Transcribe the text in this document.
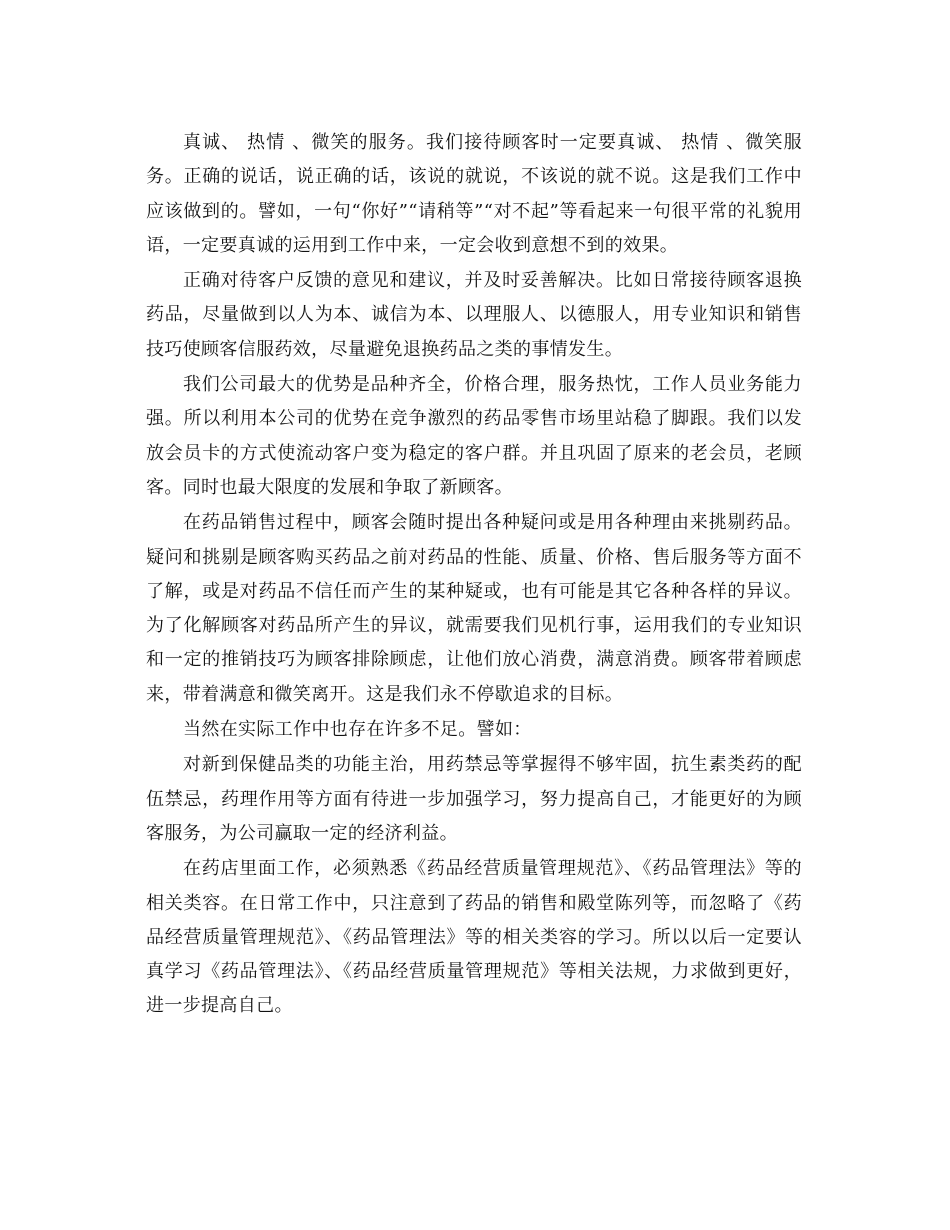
真诚、 热情 、微笑的服务。我们接待顾客时一定要真诚、 热情 、微笑服务。正确的说话，说正确的话，该说的就说，不该说的就不说。这是我们工作中应该做到的。譬如，一句“你好”“请稍等”“对不起”等看起来一句很平常的礼貌用语，一定要真诚的运用到工作中来，一定会收到意想不到的效果。

正确对待客户反馈的意见和建议，并及时妥善解决。比如日常接待顾客退换药品，尽量做到以人为本、诚信为本、以理服人、以德服人，用专业知识和销售技巧使顾客信服药效，尽量避免退换药品之类的事情发生。

我们公司最大的优势是品种齐全，价格合理，服务热忱，工作人员业务能力强。所以利用本公司的优势在竞争激烈的药品零售市场里站稳了脚跟。我们以发放会员卡的方式使流动客户变为稳定的客户群。并且巩固了原来的老会员，老顾客。同时也最大限度的发展和争取了新顾客。

在药品销售过程中，顾客会随时提出各种疑问或是用各种理由来挑剔药品。疑问和挑剔是顾客购买药品之前对药品的性能、质量、价格、售后服务等方面不了解，或是对药品不信任而产生的某种疑或，也有可能是其它各种各样的异议。为了化解顾客对药品所产生的异议，就需要我们见机行事，运用我们的专业知识和一定的推销技巧为顾客排除顾虑，让他们放心消费，满意消费。顾客带着顾虑来，带着满意和微笑离开。这是我们永不停歇追求的目标。

当然在实际工作中也存在许多不足。譬如：

对新到保健品类的功能主治，用药禁忌等掌握得不够牢固，抗生素类药的配伍禁忌，药理作用等方面有待进一步加强学习，努力提高自己，才能更好的为顾客服务，为公司赢取一定的经济利益。

在药店里面工作，必须熟悉《药品经营质量管理规范》、《药品管理法》等的相关类容。在日常工作中，只注意到了药品的销售和殿堂陈列等，而忽略了《药品经营质量管理规范》、《药品管理法》等的相关类容的学习。所以以后一定要认真学习《药品管理法》、《药品经营质量管理规范》等相关法规，力求做到更好，进一步提高自己。
